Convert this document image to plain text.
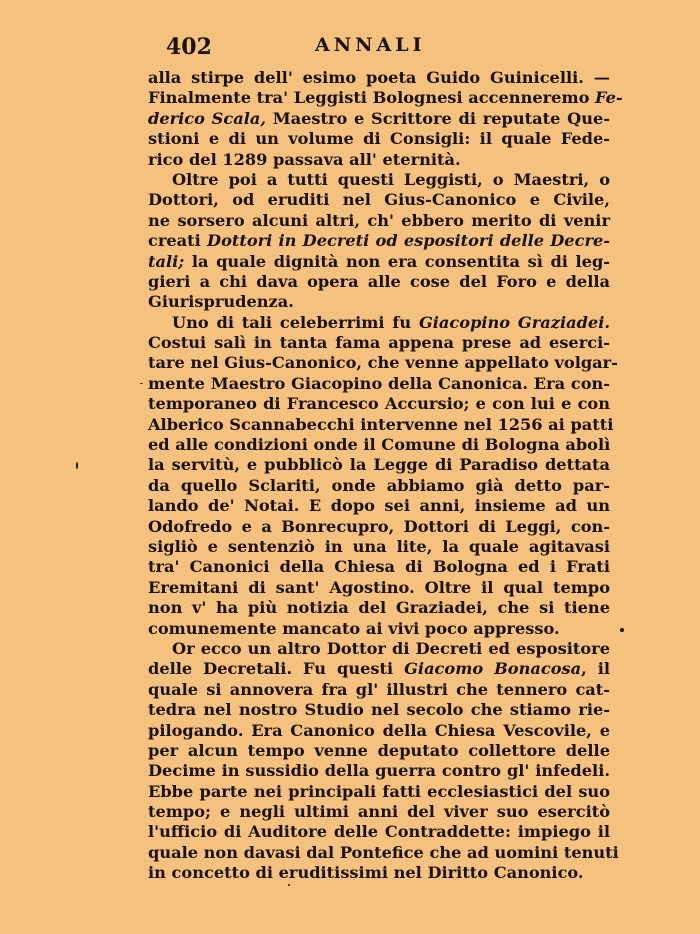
402	ANNALI
alla stirpe dell' esimo poeta Guido Guinicelli. —
Finalmente tra' Leggisti Bolognesi accenneremo Fe-
derico Scala, Maestro e Scrittore di reputate Que-
stioni e di un volume di Consigli: il quale Fede-
rico del 1289 passava all' eternità.
Oltre poi a tutti questi Leggisti, o Maestri, o
Dottori, od eruditi nel Gius-Canonico e Civile,
ne sorsero alcuni altri, ch' ebbero merito di venir
creati Dottori in Decreti od espositori delle Decre-
tali; la quale dignità non era consentita sì di leg-
gieri a chi dava opera alle cose del Foro e della
Giurisprudenza.
Uno di tali celeberrimi fu Giacopino Graziadei.
Costui salì in tanta fama appena prese ad eserci-
tare nel Gius-Canonico, che venne appellato volgar-
mente Maestro Giacopino della Canonica. Era con-
temporaneo di Francesco Accursio; e con lui e con
Alberico Scannabecchi intervenne nel 1256 ai patti
ed alle condizioni onde il Comune di Bologna abolì
la servitù, e pubblicò la Legge di Paradiso dettata
da quello Sclariti, onde abbiamo già detto par-
lando de' Notai. E dopo sei anni, insieme ad un
Odofredo e a Bonrecupro, Dottori di Leggi, con-
sigliò e sentenziò in una lite, la quale agitavasi
tra' Canonici della Chiesa di Bologna ed i Frati
Eremitani di sant' Agostino. Oltre il qual tempo
non v' ha più notizia del Graziadei, che si tiene
comunemente mancato ai vivi poco appresso.
Or ecco un altro Dottor di Decreti ed espositore
delle Decretali. Fu questi Giacomo Bonacosa, il
quale si annovera fra gl' illustri che tennero cat-
tedra nel nostro Studio nel secolo che stiamo rie-
pilogando. Era Canonico della Chiesa Vescovile, e
per alcun tempo venne deputato collettore delle
Decime in sussidio della guerra contro gl' infedeli.
Ebbe parte nei principali fatti ecclesiastici del suo
tempo; e negli ultimi anni del viver suo esercitò
l'ufficio di Auditore delle Contraddette: impiego il
quale non davasi dal Pontefice che ad uomini tenuti
in concetto di eruditissimi nel Diritto Canonico.
